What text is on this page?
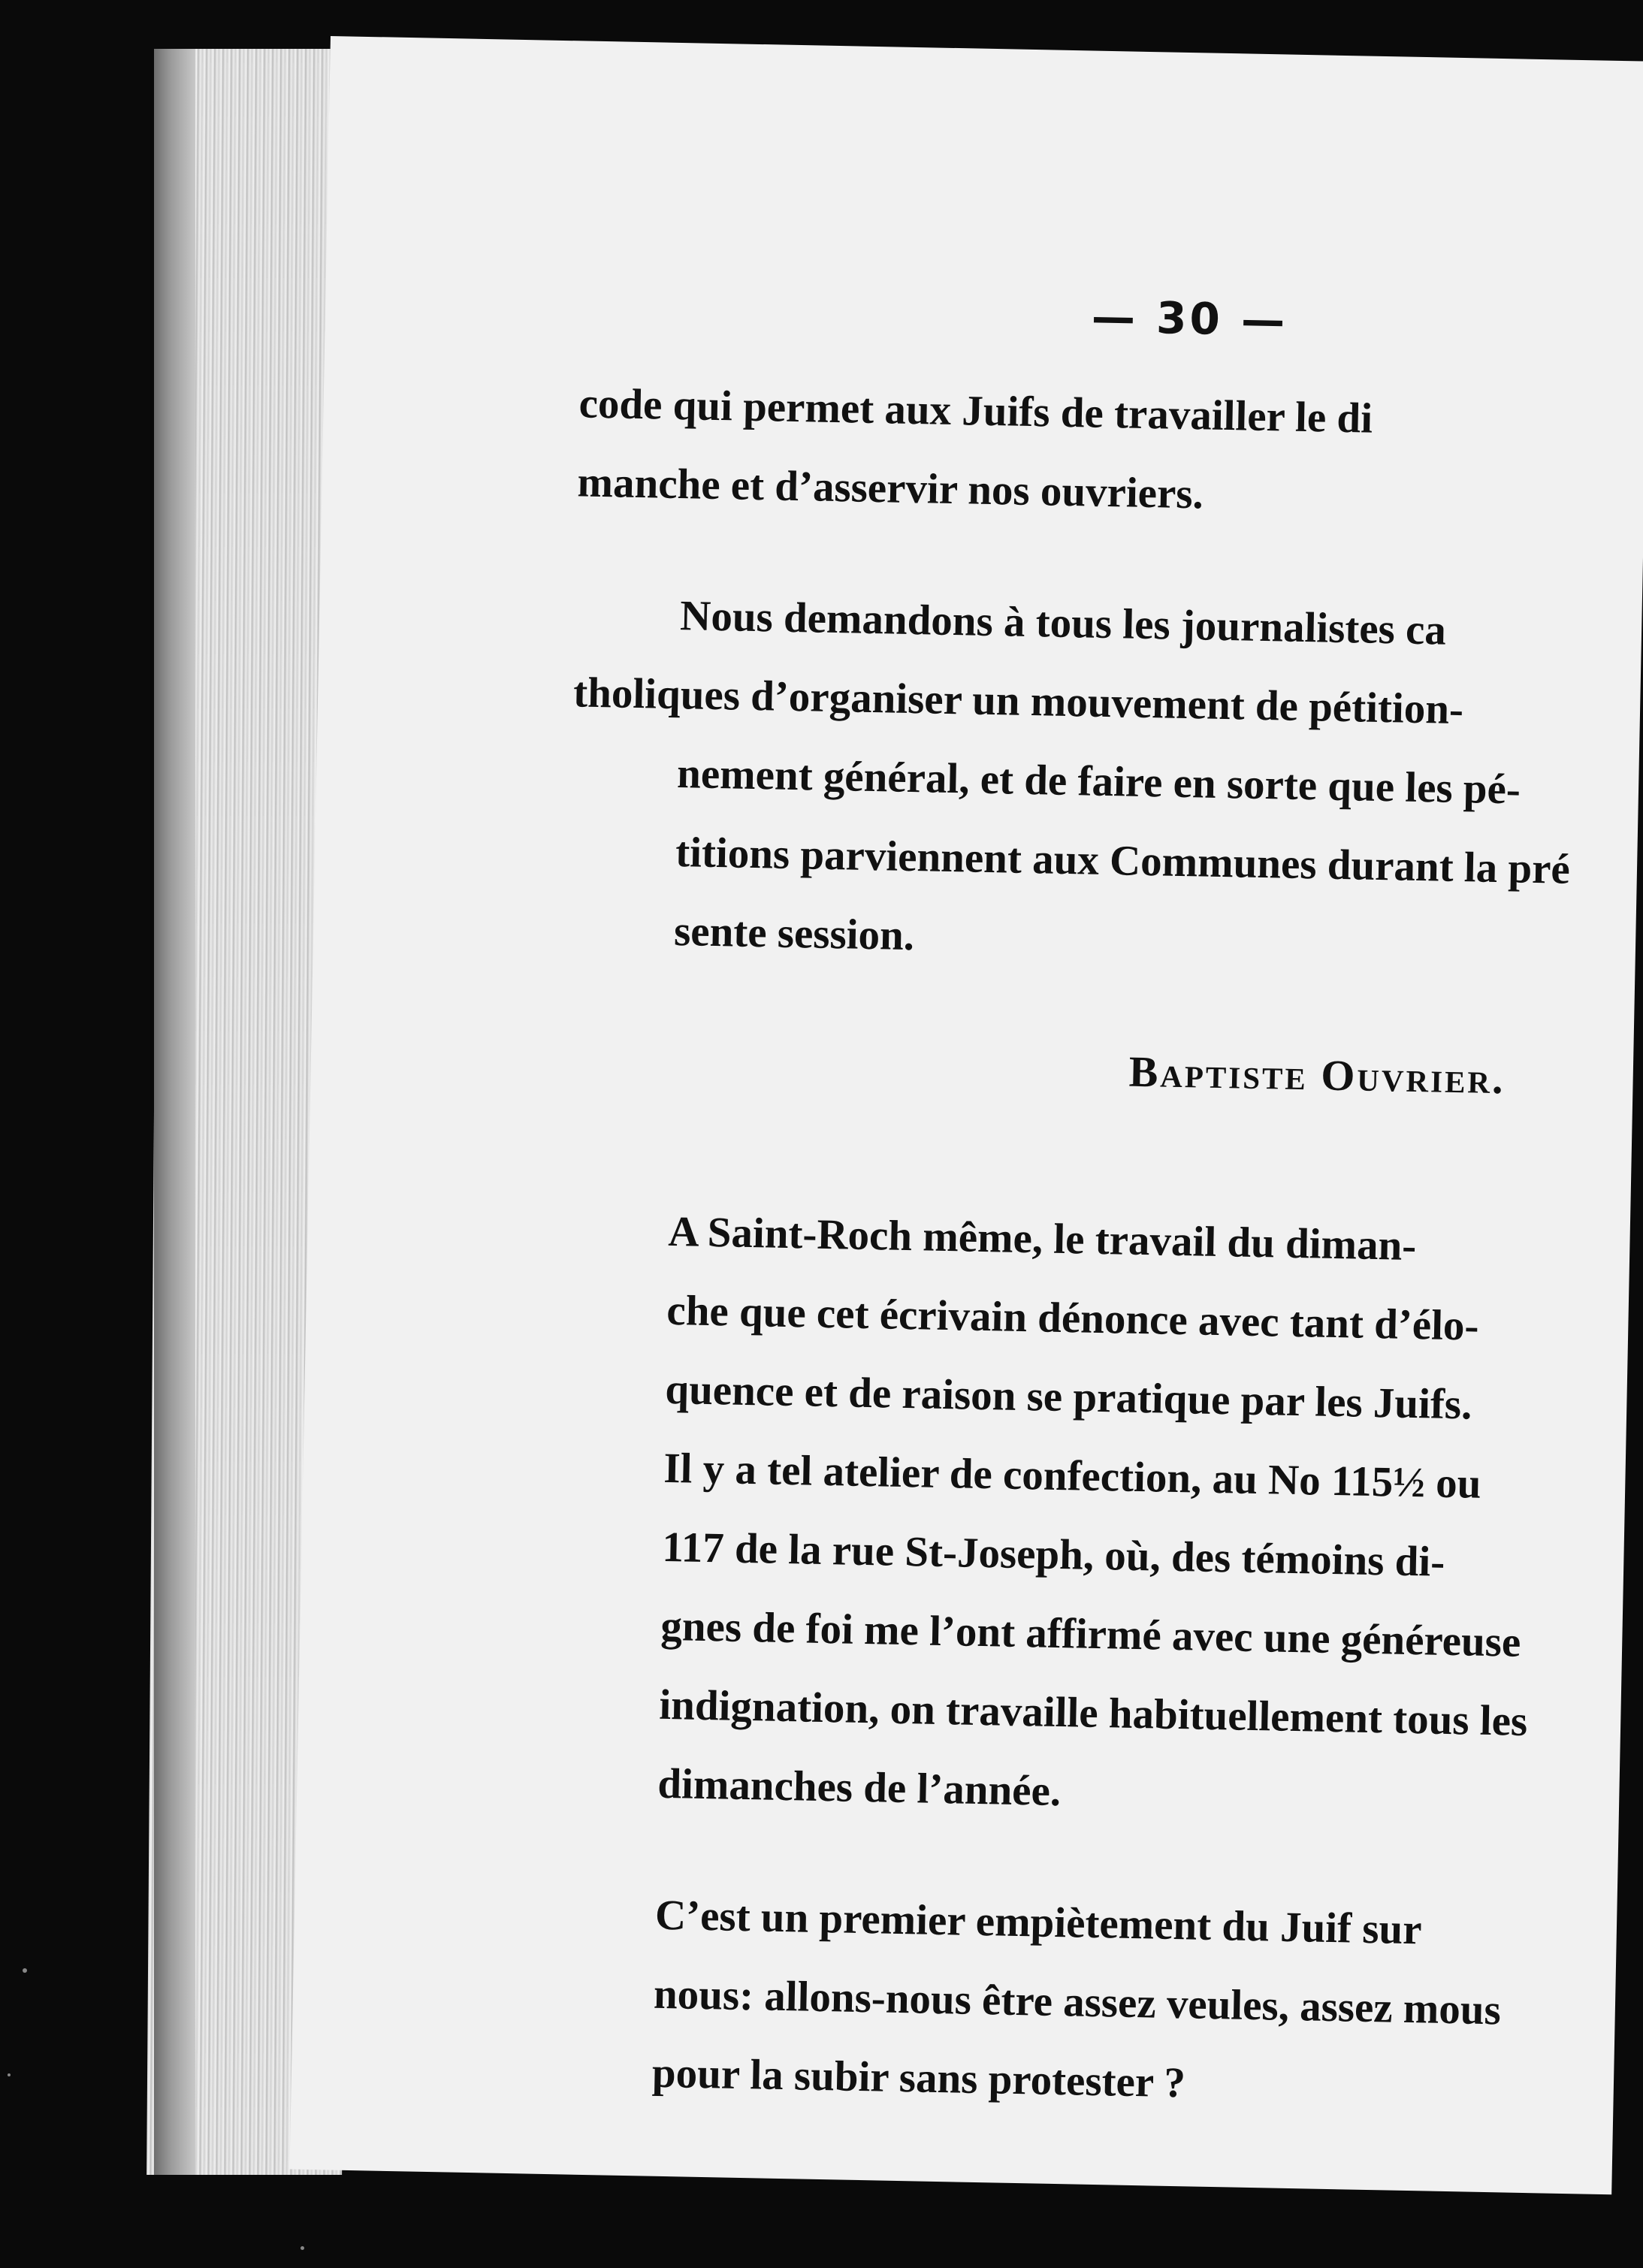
— 30 —

code qui permet aux Juifs de travailler le di
manche et d’asservir nos ouvriers.

Nous demandons à tous les journalistes ca
tholiques d’organiser un mouvement de pétition-
nement général, et de faire en sorte que les pé-
titions parviennent aux Communes durant la pré
sente session.

Baptiste Ouvrier.

A Saint-Roch même, le travail du diman-
che que cet écrivain dénonce avec tant d’élo-
quence et de raison se pratique par les Juifs.
Il y a tel atelier de confection, au No 115½ ou
117 de la rue St-Joseph, où, des témoins di-
gnes de foi me l’ont affirmé avec une généreuse
indignation, on travaille habituellement tous les
dimanches de l’année.

C’est un premier empiètement du Juif sur
nous: allons-nous être assez veules, assez mous
pour la subir sans protester ?
